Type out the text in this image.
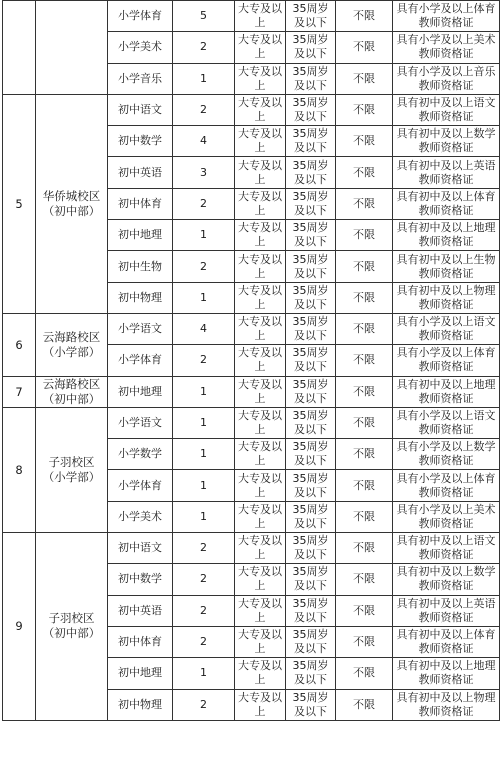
		小学体育	5	大专及以上	35周岁及以下	不限	具有小学及以上体育教师资格证
		小学美术	2	大专及以上	35周岁及以下	不限	具有小学及以上美术教师资格证
		小学音乐	1	大专及以上	35周岁及以下	不限	具有小学及以上音乐教师资格证
5	华侨城校区（初中部）	初中语文	2	大专及以上	35周岁及以下	不限	具有初中及以上语文教师资格证
		初中数学	4	大专及以上	35周岁及以下	不限	具有初中及以上数学教师资格证
		初中英语	3	大专及以上	35周岁及以下	不限	具有初中及以上英语教师资格证
		初中体育	2	大专及以上	35周岁及以下	不限	具有初中及以上体育教师资格证
		初中地理	1	大专及以上	35周岁及以下	不限	具有初中及以上地理教师资格证
		初中生物	2	大专及以上	35周岁及以下	不限	具有初中及以上生物教师资格证
		初中物理	1	大专及以上	35周岁及以下	不限	具有初中及以上物理教师资格证
6	云海路校区（小学部）	小学语文	4	大专及以上	35周岁及以下	不限	具有小学及以上语文教师资格证
		小学体育	2	大专及以上	35周岁及以下	不限	具有小学及以上体育教师资格证
7	云海路校区（初中部）	初中地理	1	大专及以上	35周岁及以下	不限	具有初中及以上地理教师资格证
8	子羽校区（小学部）	小学语文	1	大专及以上	35周岁及以下	不限	具有小学及以上语文教师资格证
		小学数学	1	大专及以上	35周岁及以下	不限	具有小学及以上数学教师资格证
		小学体育	1	大专及以上	35周岁及以下	不限	具有小学及以上体育教师资格证
		小学美术	1	大专及以上	35周岁及以下	不限	具有小学及以上美术教师资格证
9	子羽校区（初中部）	初中语文	2	大专及以上	35周岁及以下	不限	具有初中及以上语文教师资格证
		初中数学	2	大专及以上	35周岁及以下	不限	具有初中及以上数学教师资格证
		初中英语	2	大专及以上	35周岁及以下	不限	具有初中及以上英语教师资格证
		初中体育	2	大专及以上	35周岁及以下	不限	具有初中及以上体育教师资格证
		初中地理	1	大专及以上	35周岁及以下	不限	具有初中及以上地理教师资格证
		初中物理	2	大专及以上	35周岁及以下	不限	具有初中及以上物理教师资格证
